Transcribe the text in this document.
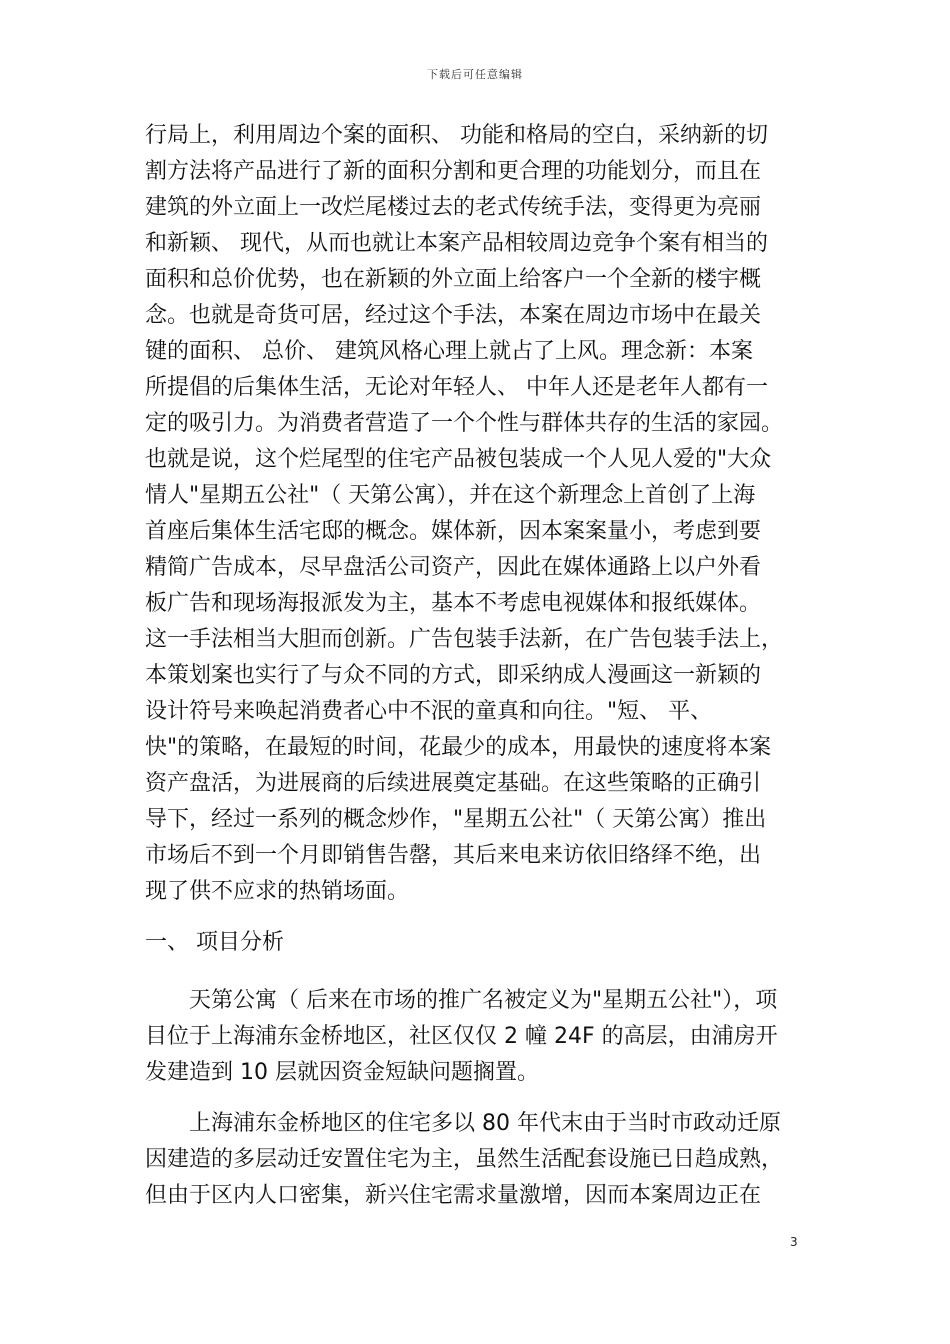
下载后可任意编辑
行局上，利用周边个案的面积、 功能和格局的空白，采纳新的切
割方法将产品进行了新的面积分割和更合理的功能划分，而且在
建筑的外立面上一改烂尾楼过去的老式传统手法，变得更为亮丽
和新颖、 现代，从而也就让本案产品相较周边竞争个案有相当的
面积和总价优势，也在新颖的外立面上给客户一个全新的楼宇概
念。也就是奇货可居，经过这个手法，本案在周边市场中在最关
键的面积、 总价、 建筑风格心理上就占了上风。理念新：本案
所提倡的后集体生活，无论对年轻人、 中年人还是老年人都有一
定的吸引力。为消费者营造了一个个性与群体共存的生活的家园。
也就是说，这个烂尾型的住宅产品被包装成一个人见人爱的"大众
情人"星期五公社"（ 天第公寓），并在这个新理念上首创了上海
首座后集体生活宅邸的概念。媒体新，因本案案量小，考虑到要
精简广告成本，尽早盘活公司资产，因此在媒体通路上以户外看
板广告和现场海报派发为主，基本不考虑电视媒体和报纸媒体。
这一手法相当大胆而创新。广告包装手法新，在广告包装手法上，
本策划案也实行了与众不同的方式，即采纳成人漫画这一新颖的
设计符号来唤起消费者心中不泯的童真和向往。"短、 平、
快"的策略，在最短的时间，花最少的成本，用最快的速度将本案
资产盘活，为进展商的后续进展奠定基础。在这些策略的正确引
导下，经过一系列的概念炒作，"星期五公社"（ 天第公寓）推出
市场后不到一个月即销售告罄，其后来电来访依旧络绎不绝，出
现了供不应求的热销场面。
一、 项目分析
　　天第公寓（ 后来在市场的推广名被定义为"星期五公社"），项
目位于上海浦东金桥地区，社区仅仅 2 幢 24F 的高层，由浦房开
发建造到 10 层就因资金短缺问题搁置。
　　上海浦东金桥地区的住宅多以 80 年代末由于当时市政动迁原
因建造的多层动迁安置住宅为主，虽然生活配套设施已日趋成熟，
但由于区内人口密集，新兴住宅需求量激增，因而本案周边正在
3
